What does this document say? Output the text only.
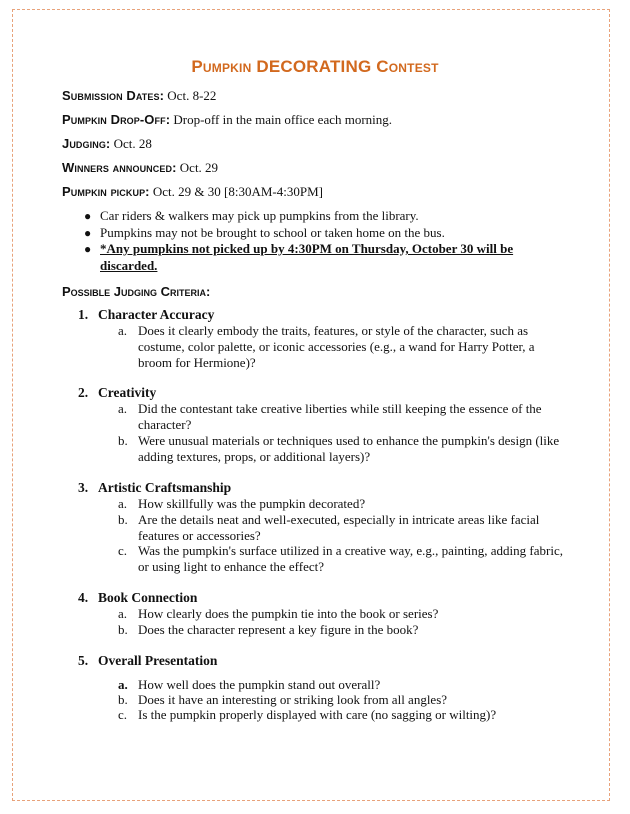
Pumpkin DECORATING Contest
Submission Dates: Oct. 8-22
Pumpkin Drop-Off: Drop-off in the main office each morning.
Judging: Oct. 28
Winners announced: Oct. 29
Pumpkin pickup: Oct. 29 & 30 [8:30AM-4:30PM]
● Car riders & walkers may pick up pumpkins from the library.
● Pumpkins may not be brought to school or taken home on the bus.
● *Any pumpkins not picked up by 4:30PM on Thursday, October 30 will be discarded.
Possible Judging Criteria:
1. Character Accuracy
a. Does it clearly embody the traits, features, or style of the character, such as costume, color palette, or iconic accessories (e.g., a wand for Harry Potter, a broom for Hermione)?
2. Creativity
a. Did the contestant take creative liberties while still keeping the essence of the character?
b. Were unusual materials or techniques used to enhance the pumpkin's design (like adding textures, props, or additional layers)?
3. Artistic Craftsmanship
a. How skillfully was the pumpkin decorated?
b. Are the details neat and well-executed, especially in intricate areas like facial features or accessories?
c. Was the pumpkin's surface utilized in a creative way, e.g., painting, adding fabric, or using light to enhance the effect?
4. Book Connection
a. How clearly does the pumpkin tie into the book or series?
b. Does the character represent a key figure in the book?
5. Overall Presentation
a. How well does the pumpkin stand out overall?
b. Does it have an interesting or striking look from all angles?
c. Is the pumpkin properly displayed with care (no sagging or wilting)?
